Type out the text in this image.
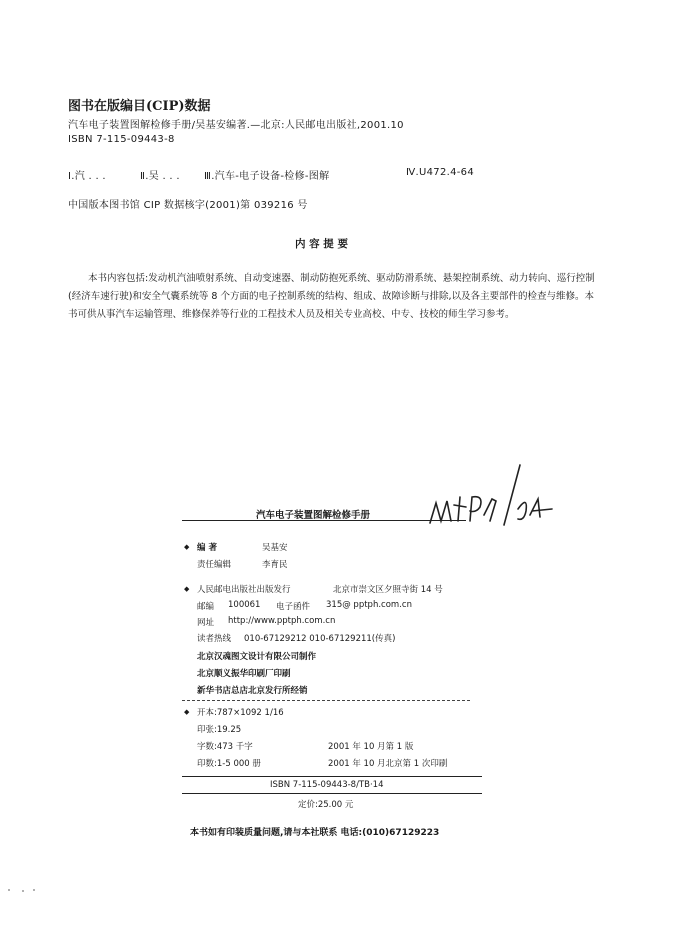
图书在版编目(CIP)数据
汽车电子装置图解检修手册/吴基安编著.—北京:人民邮电出版社,2001.10
ISBN 7-115-09443-8
Ⅰ.汽 . . .	Ⅱ.吴 . . . Ⅲ.汽车-电子设备-检修-图解	Ⅳ.U472.4-64
中国版本图书馆 CIP 数据核字(2001)第 039216 号
内 容 提 要
本书内容包括:发动机汽油喷射系统、自动变速器、制动防抱死系统、驱动防滑系统、悬架控制系统、动力转向、巡行控制(经济车速行驶)和安全气囊系统等 8 个方面的电子控制系统的结构、组成、故障诊断与排除,以及各主要部件的检查与维修。本书可供从事汽车运输管理、维修保养等行业的工程技术人员及相关专业高校、中专、技校的师生学习参考。
汽车电子装置图解检修手册
◆ 编 著	吴基安
责任编辑	李育民
◆ 人民邮电出版社出版发行	北京市崇文区夕照寺街 14 号
邮编 100061 电子函件 315@ pptph.com.cn
网址 http://www.pptph.com.cn
读者热线 010-67129212 010-67129211(传真)
北京汉魂图文设计有限公司制作
北京顺义振华印刷厂印刷
新华书店总店北京发行所经销
◆ 开本:787×1092 1/16
印张:19.25
字数:473 千字	2001 年 10 月第 1 版
印数:1-5 000 册	2001 年 10 月北京第 1 次印刷
ISBN 7-115-09443-8/TB·14
定价:25.00 元
本书如有印装质量问题,请与本社联系 电话:(010)67129223
